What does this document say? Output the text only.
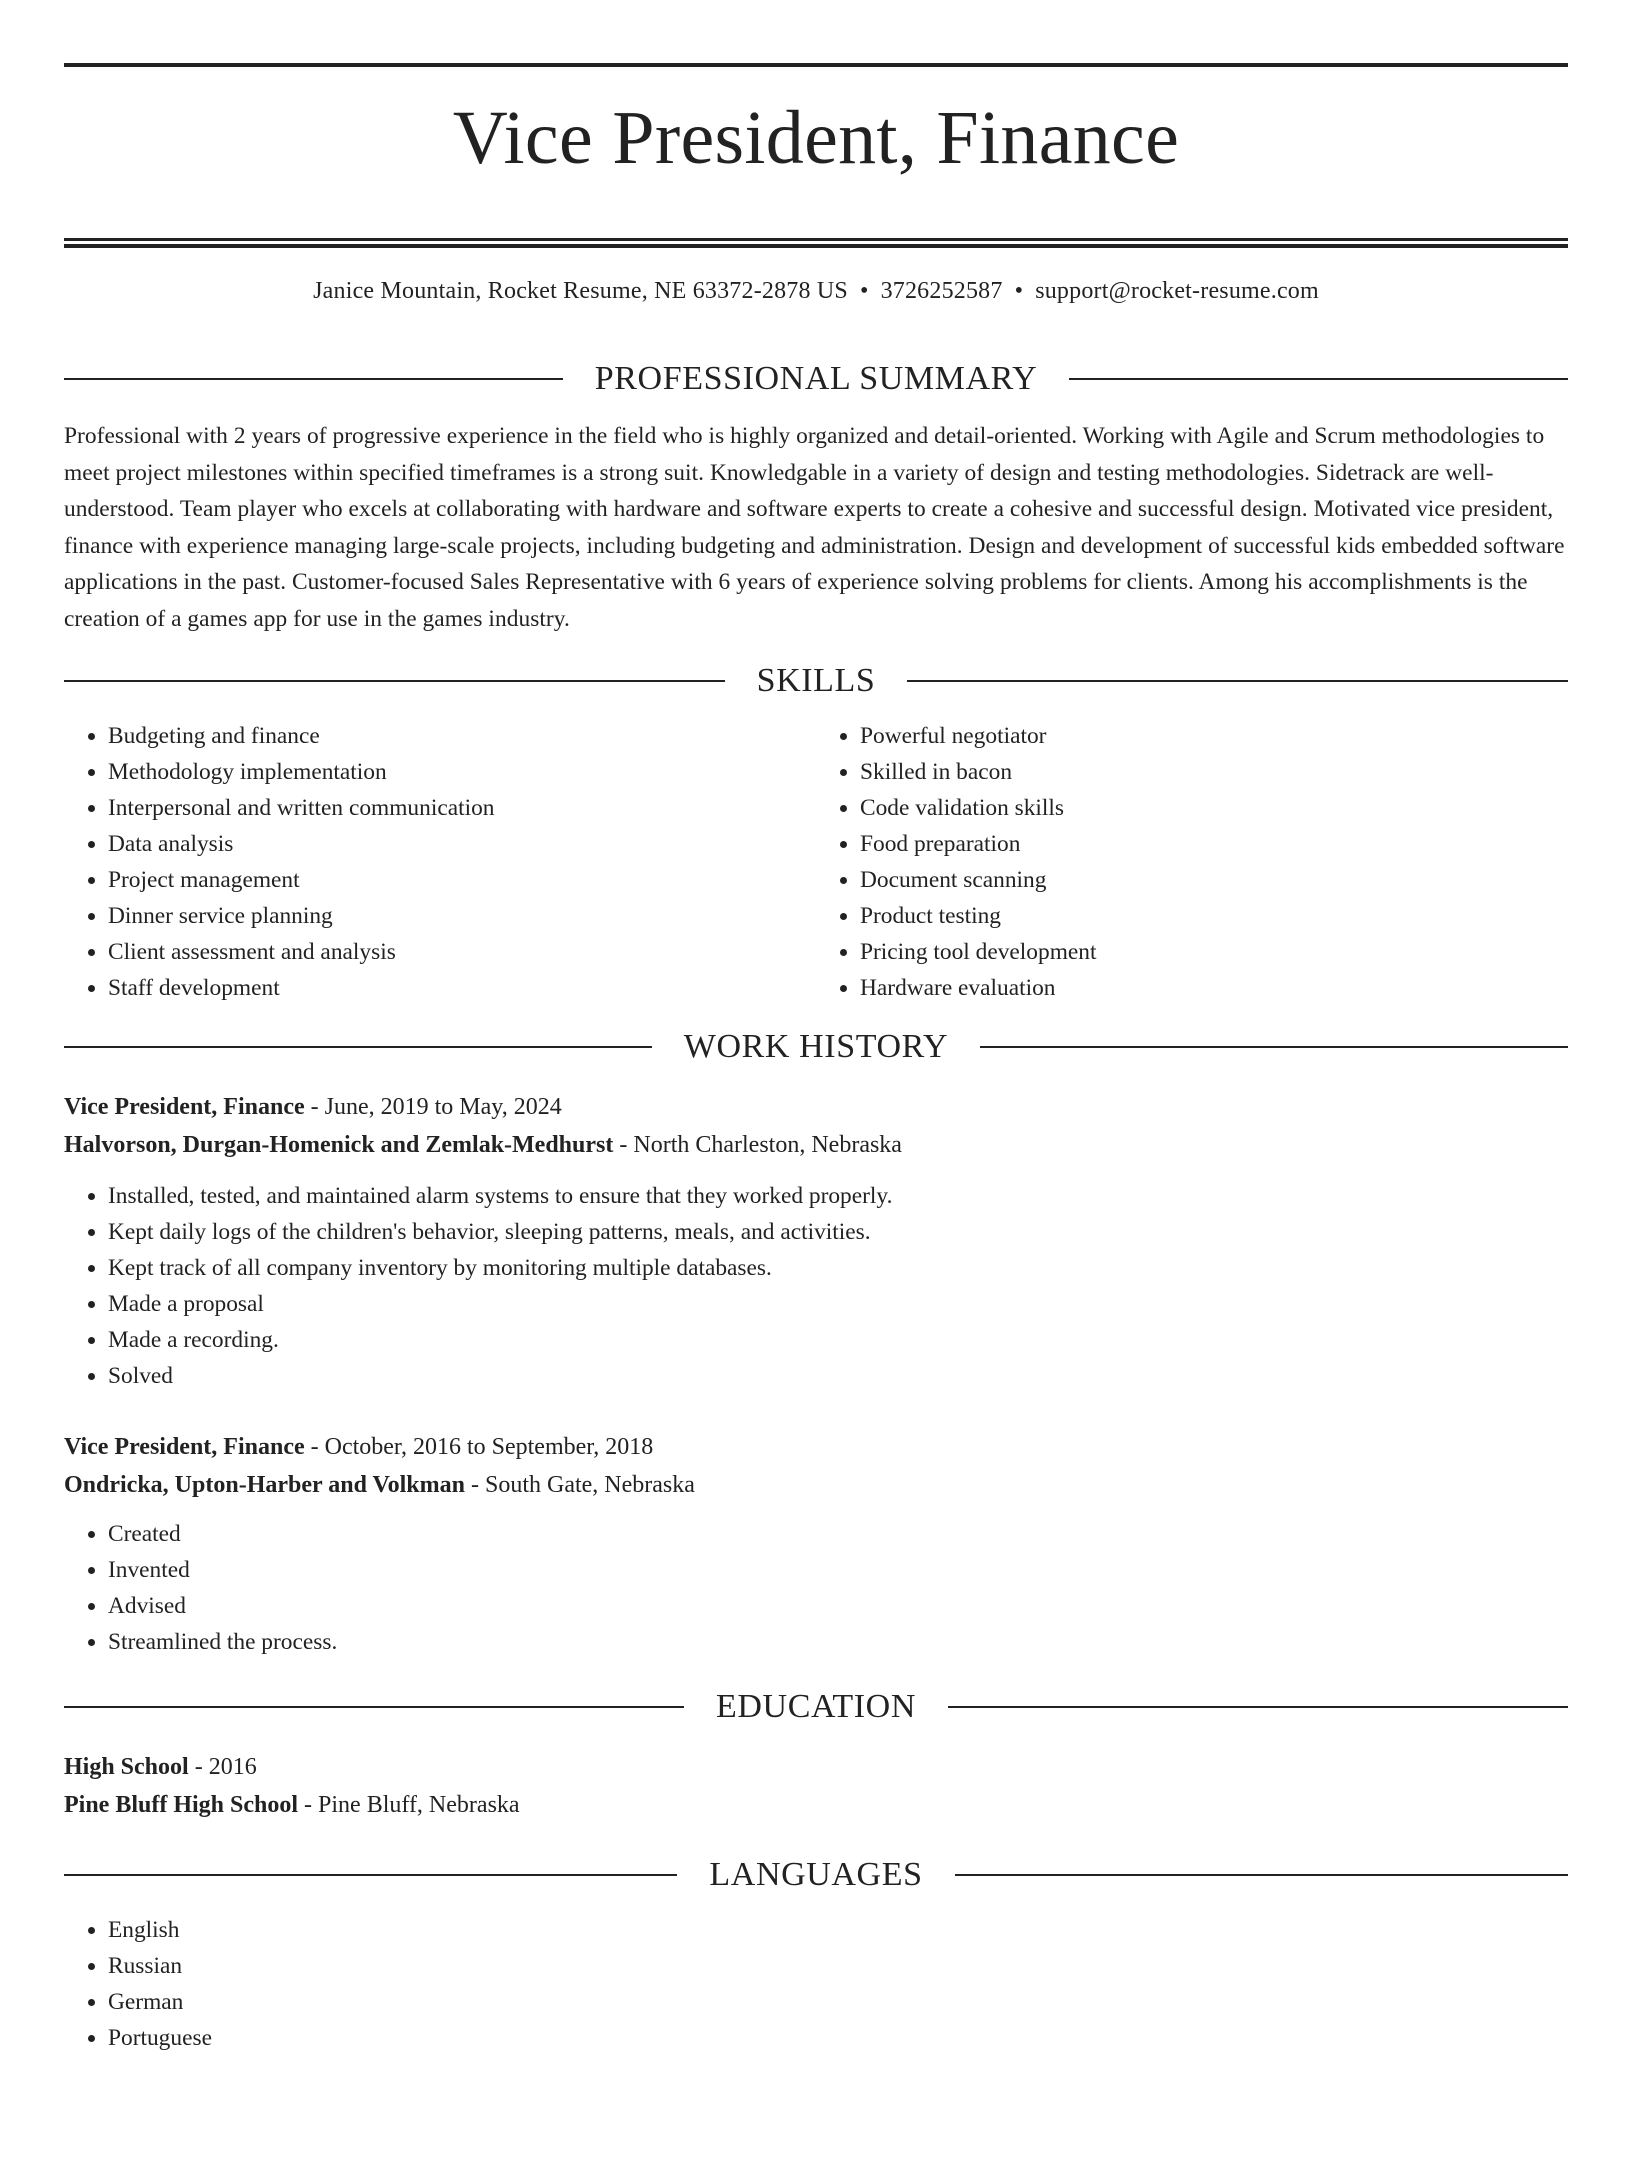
Vice President, Finance
Janice Mountain, Rocket Resume, NE 63372-2878 US • 3726252587 • support@rocket-resume.com
PROFESSIONAL SUMMARY

Professional with 2 years of progressive experience in the field who is highly organized and detail-oriented. Working with Agile and Scrum methodologies to meet project milestones within specified timeframes is a strong suit. Knowledgable in a variety of design and testing methodologies. Sidetrack are well-understood. Team player who excels at collaborating with hardware and software experts to create a cohesive and successful design. Motivated vice president, finance with experience managing large-scale projects, including budgeting and administration. Design and development of successful kids embedded software applications in the past. Customer-focused Sales Representative with 6 years of experience solving problems for clients. Among his accomplishments is the creation of a games app for use in the games industry.

SKILLS
• Budgeting and finance
• Methodology implementation
• Interpersonal and written communication
• Data analysis
• Project management
• Dinner service planning
• Client assessment and analysis
• Staff development
• Powerful negotiator
• Skilled in bacon
• Code validation skills
• Food preparation
• Document scanning
• Product testing
• Pricing tool development
• Hardware evaluation
WORK HISTORY
Vice President, Finance - June, 2019 to May, 2024
Halvorson, Durgan-Homenick and Zemlak-Medhurst - North Charleston, Nebraska
• Installed, tested, and maintained alarm systems to ensure that they worked properly.
• Kept daily logs of the children's behavior, sleeping patterns, meals, and activities.
• Kept track of all company inventory by monitoring multiple databases.
• Made a proposal
• Made a recording.
• Solved
Vice President, Finance - October, 2016 to September, 2018
Ondricka, Upton-Harber and Volkman - South Gate, Nebraska
• Created
• Invented
• Advised
• Streamlined the process.
EDUCATION
High School - 2016
Pine Bluff High School - Pine Bluff, Nebraska
LANGUAGES
• English
• Russian
• German
• Portuguese
